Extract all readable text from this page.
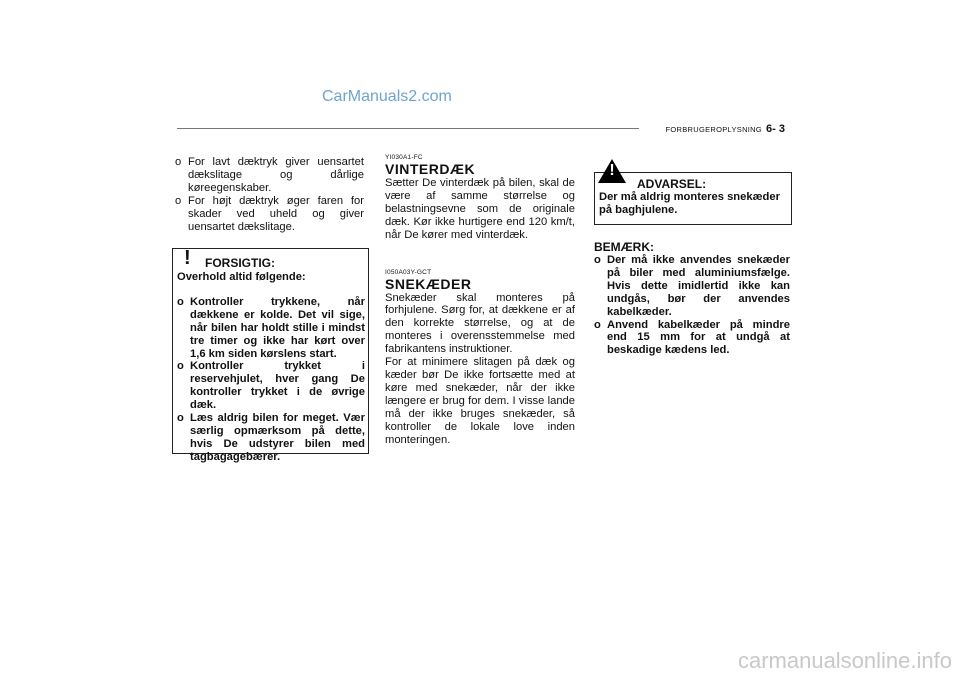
CarManuals2.com
FORBRUGEROPLYSNING 6- 3
o For lavt dæktryk giver uensartet dækslitage og dårlige køreegenskaber.
o For højt dæktryk øger faren for skader ved uheld og giver uensartet dækslitage.
! FORSIGTIG:
Overhold altid følgende:
o Kontroller trykkene, når dækkene er kolde. Det vil sige, når bilen har holdt stille i mindst tre timer og ikke har kørt over 1,6 km siden kørslens start.
o Kontroller trykket i reservehjulet, hver gang De kontroller trykket i de øvrige dæk.
o Læs aldrig bilen for meget. Vær særlig opmærksom på dette, hvis De udstyrer bilen med tagbagagebærer.
YI030A1-FC
VINTERDÆK
Sætter De vinterdæk på bilen, skal de være af samme størrelse og belastningsevne som de originale dæk. Kør ikke hurtigere end 120 km/t, når De kører med vinterdæk.
I050A03Y-GCT
SNEKÆDER
Snekæder skal monteres på forhjulene. Sørg for, at dækkene er af den korrekte størrelse, og at de monteres i overensstemmelse med fabrikantens instruktioner.
For at minimere slitagen på dæk og kæder bør De ikke fortsætte med at køre med snekæder, når der ikke længere er brug for dem. I visse lande må der ikke bruges snekæder, så kontroller de lokale love inden monteringen.
!
ADVARSEL:
Der må aldrig monteres snekæder på baghjulene.
BEMÆRK:
o Der må ikke anvendes snekæder på biler med aluminiumsfælge. Hvis dette imidlertid ikke kan undgås, bør der anvendes kabelkæder.
o Anvend kabelkæder på mindre end 15 mm for at undgå at beskadige kædens led.
carmanualsonline.info
